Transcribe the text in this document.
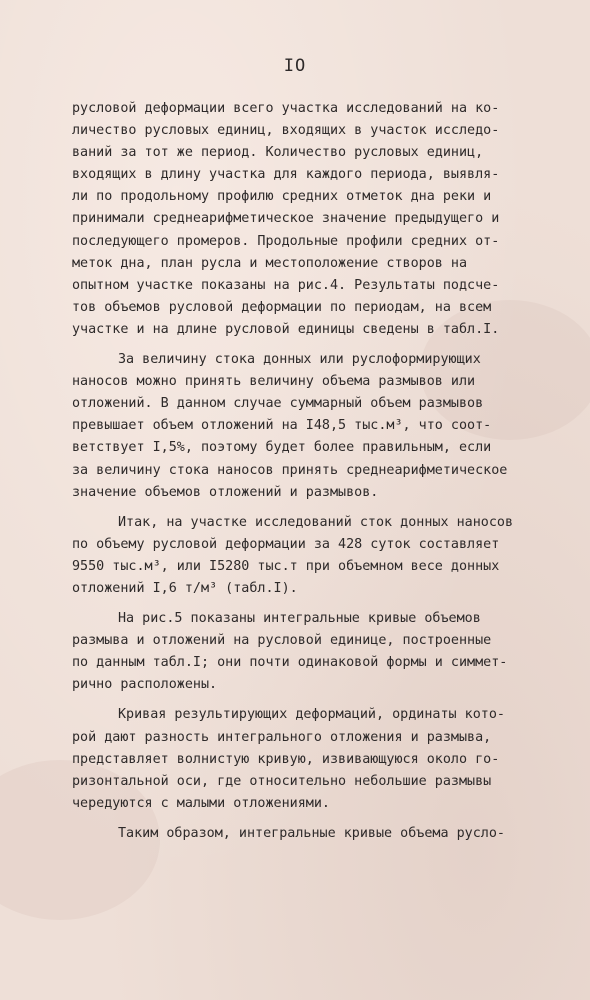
IO
русловой деформации всего участка исследований на ко-
личество русловых единиц, входящих в участок исследо-
ваний за тот же период. Количество русловых единиц,
входящих в длину участка для каждого периода, выявля-
ли по продольному профилю средних отметок дна реки и
принимали среднеарифметическое значение предыдущего и
последующего промеров. Продольные профили средних от-
меток дна, план русла и местоположение створов на
опытном участке показаны на рис.4. Результаты подсче-
тов объемов русловой деформации по периодам, на всем
участке и на длине русловой единицы сведены в табл.I.
За величину стока донных или руслоформирующих
наносов можно принять величину объема размывов или
отложений. В данном случае суммарный объем размывов
превышает объем отложений на I48,5 тыс.м³, что соот-
ветствует I,5%, поэтому будет более правильным, если
за величину стока наносов принять среднеарифметическое
значение объемов отложений и размывов.
Итак, на участке исследований сток донных наносов
по объему русловой деформации за 428 суток составляет
9550 тыс.м³, или I5280 тыс.т при объемном весе донных
отложений I,6 т/м³ (табл.I).
На рис.5 показаны интегральные кривые объемов
размыва и отложений на русловой единице, построенные
по данным табл.I; они почти одинаковой формы и симмет-
рично расположены.
Кривая результирующих деформаций, ординаты кото-
рой дают разность интегрального отложения и размыва,
представляет волнистую кривую, извивающуюся около го-
ризонтальной оси, где относительно небольшие размывы
чередуются с малыми отложениями.
Таким образом, интегральные кривые объема русло-
